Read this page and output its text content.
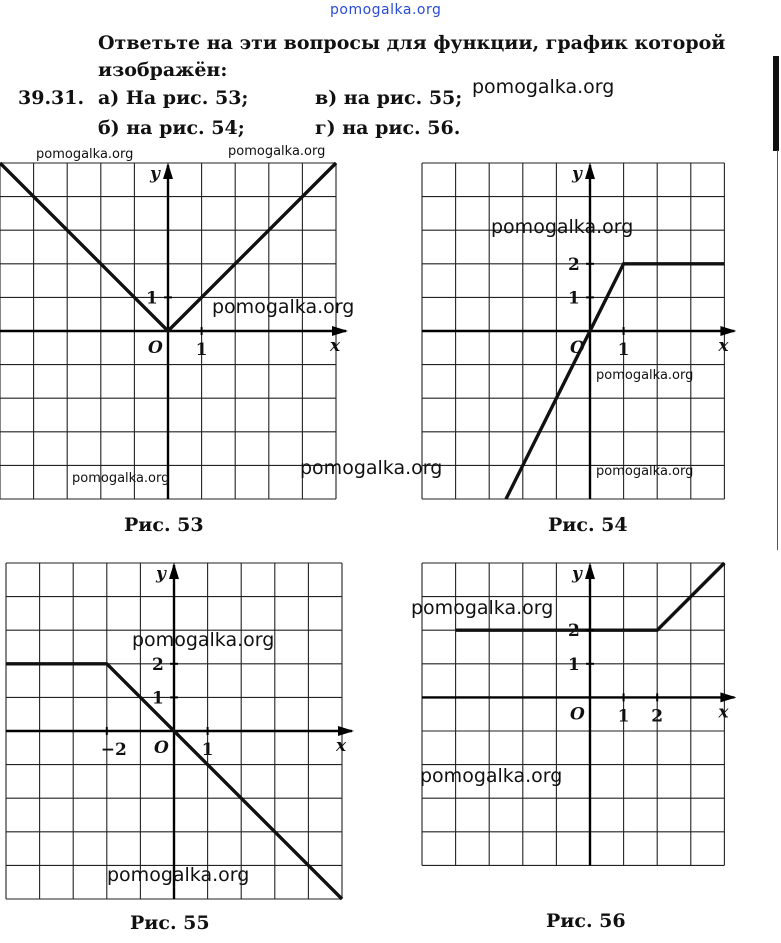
pomogalka.org
Ответьте на эти вопросы для функции, график которой изображён:
39.31. а) На рис. 53;	в) на рис. 55;
б) на рис. 54;	г) на рис. 56.
y
x
O 1
1
y
x
O 1
1
2
y
x
O
−2	1
1
2
y
x
O 1 2
1
2
Рис. 53	Рис. 54
Рис. 55	Рис. 56
pomogalka.org
pomogalka.org	pomogalka.org
pomogalka.org
pomogalka.org
pomogalka.org
pomogalka.org	pomogalka.org
pomogalka.org
pomogalka.org
pomogalka.org
pomogalka.org
pomogalka.org
